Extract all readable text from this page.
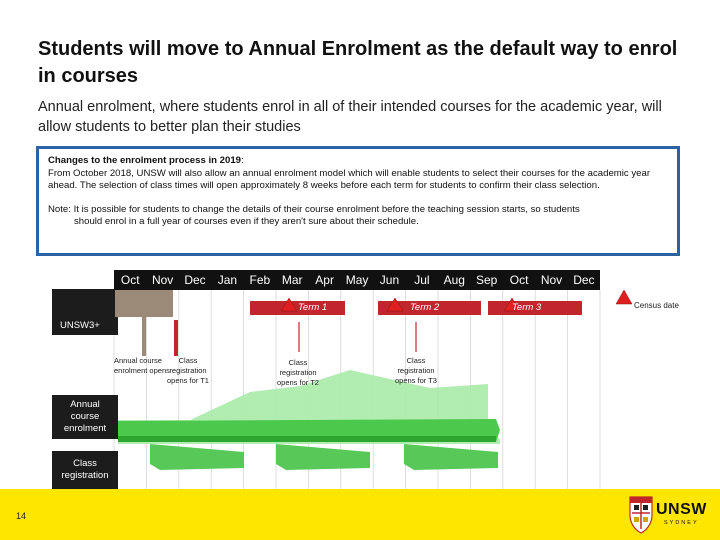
Students will move to Annual Enrolment as the default way to enrol in courses
Annual enrolment, where students enrol in all of their intended courses for the academic year, will allow students to better plan their studies
Changes to the enrolment process in 2019:
From October 2018, UNSW will also allow an annual enrolment model which will enable students to select their courses for the academic year ahead. The selection of class times will open approximately 8 weeks before each term for students to confirm their class selection.
Note: It is possible for students to change the details of their course enrolment before the teaching session starts, so students
should enrol in a full year of courses even if they aren't sure about their schedule.
Oct	Nov Dec	Jan	Feb Mar	Apr May Jun	Jul	Aug Sep	Oct	Nov Dec
Term 1	Term 2	Term 3	Census date
UNSW3+
Annual course enrolment
Class registration
Annual course enrolment opens
Class registration opens for T1
Class registration opens for T2
Class registration opens for T3
14	UNSW
SYDNEY
